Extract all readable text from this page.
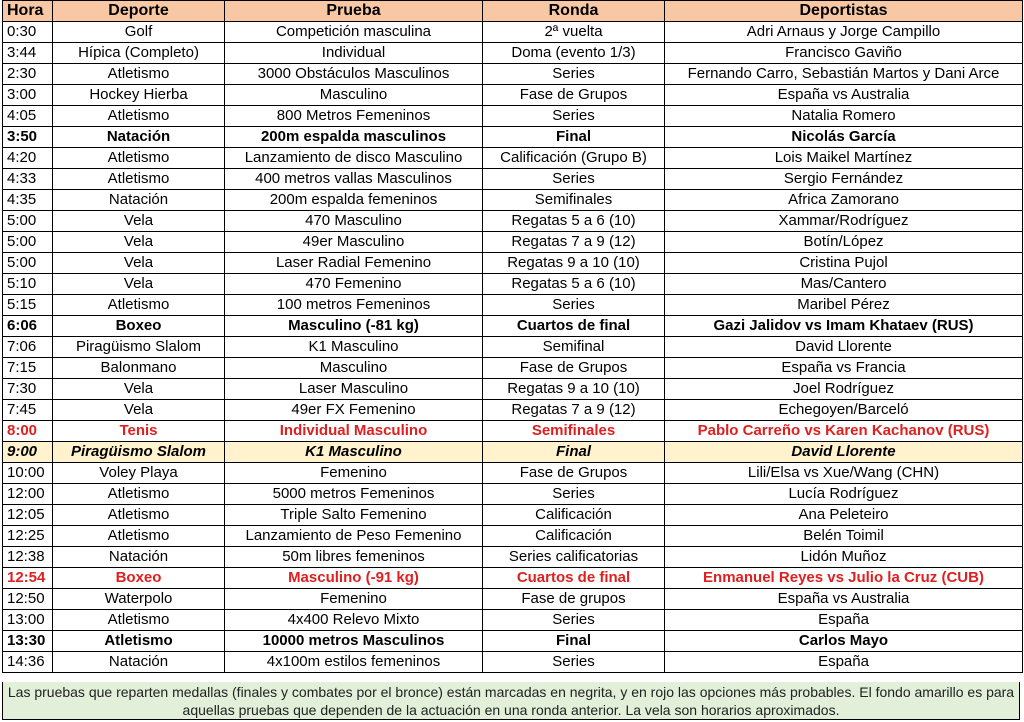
Hora	Deporte	Prueba	Ronda	Deportistas
0:30	Golf	Competición masculina	2ª vuelta	Adri Arnaus y Jorge Campillo
3:44	Hípica (Completo)	Individual	Doma (evento 1/3)	Francisco Gaviño
2:30	Atletismo	3000 Obstáculos Masculinos	Series	Fernando Carro, Sebastián Martos y Dani Arce
3:00	Hockey Hierba	Masculino	Fase de Grupos	España vs Australia
4:05	Atletismo	800 Metros Femeninos	Series	Natalia Romero
3:50	Natación	200m espalda masculinos	Final	Nicolás García
4:20	Atletismo	Lanzamiento de disco Masculino	Calificación (Grupo B)	Lois Maikel Martínez
4:33	Atletismo	400 metros vallas Masculinos	Series	Sergio Fernández
4:35	Natación	200m espalda femeninos	Semifinales	Africa Zamorano
5:00	Vela	470 Masculino	Regatas 5 a 6 (10)	Xammar/Rodríguez
5:00	Vela	49er Masculino	Regatas 7 a 9 (12)	Botín/López
5:00	Vela	Laser Radial Femenino	Regatas 9 a 10 (10)	Cristina Pujol
5:10	Vela	470 Femenino	Regatas 5 a 6 (10)	Mas/Cantero
5:15	Atletismo	100 metros Femeninos	Series	Maribel Pérez
6:06	Boxeo	Masculino (-81 kg)	Cuartos de final	Gazi Jalidov vs Imam Khataev (RUS)
7:06	Piragüismo Slalom	K1 Masculino	Semifinal	David Llorente
7:15	Balonmano	Masculino	Fase de Grupos	España vs Francia
7:30	Vela	Laser Masculino	Regatas 9 a 10 (10)	Joel Rodríguez
7:45	Vela	49er FX Femenino	Regatas 7 a 9 (12)	Echegoyen/Barceló
8:00	Tenis	Individual Masculino	Semifinales	Pablo Carreño vs Karen Kachanov (RUS)
9:00	Piragüismo Slalom	K1 Masculino	Final	David Llorente
10:00	Voley Playa	Femenino	Fase de Grupos	Lili/Elsa vs Xue/Wang (CHN)
12:00	Atletismo	5000 metros Femeninos	Series	Lucía Rodríguez
12:05	Atletismo	Triple Salto Femenino	Calificación	Ana Peleteiro
12:25	Atletismo	Lanzamiento de Peso Femenino	Calificación	Belén Toimil
12:38	Natación	50m libres femeninos	Series calificatorias	Lidón Muñoz
12:54	Boxeo	Masculino (-91 kg)	Cuartos de final	Enmanuel Reyes vs Julio la Cruz (CUB)
12:50	Waterpolo	Femenino	Fase de grupos	España vs Australia
13:00	Atletismo	4x400 Relevo Mixto	Series	España
13:30	Atletismo	10000 metros Masculinos	Final	Carlos Mayo
14:36	Natación	4x100m estilos femeninos	Series	España
Las pruebas que reparten medallas (finales y combates por el bronce) están marcadas en negrita, y en rojo las opciones más probables. El fondo amarillo es para aquellas pruebas que dependen de la actuación en una ronda anterior. La vela son horarios aproximados.
